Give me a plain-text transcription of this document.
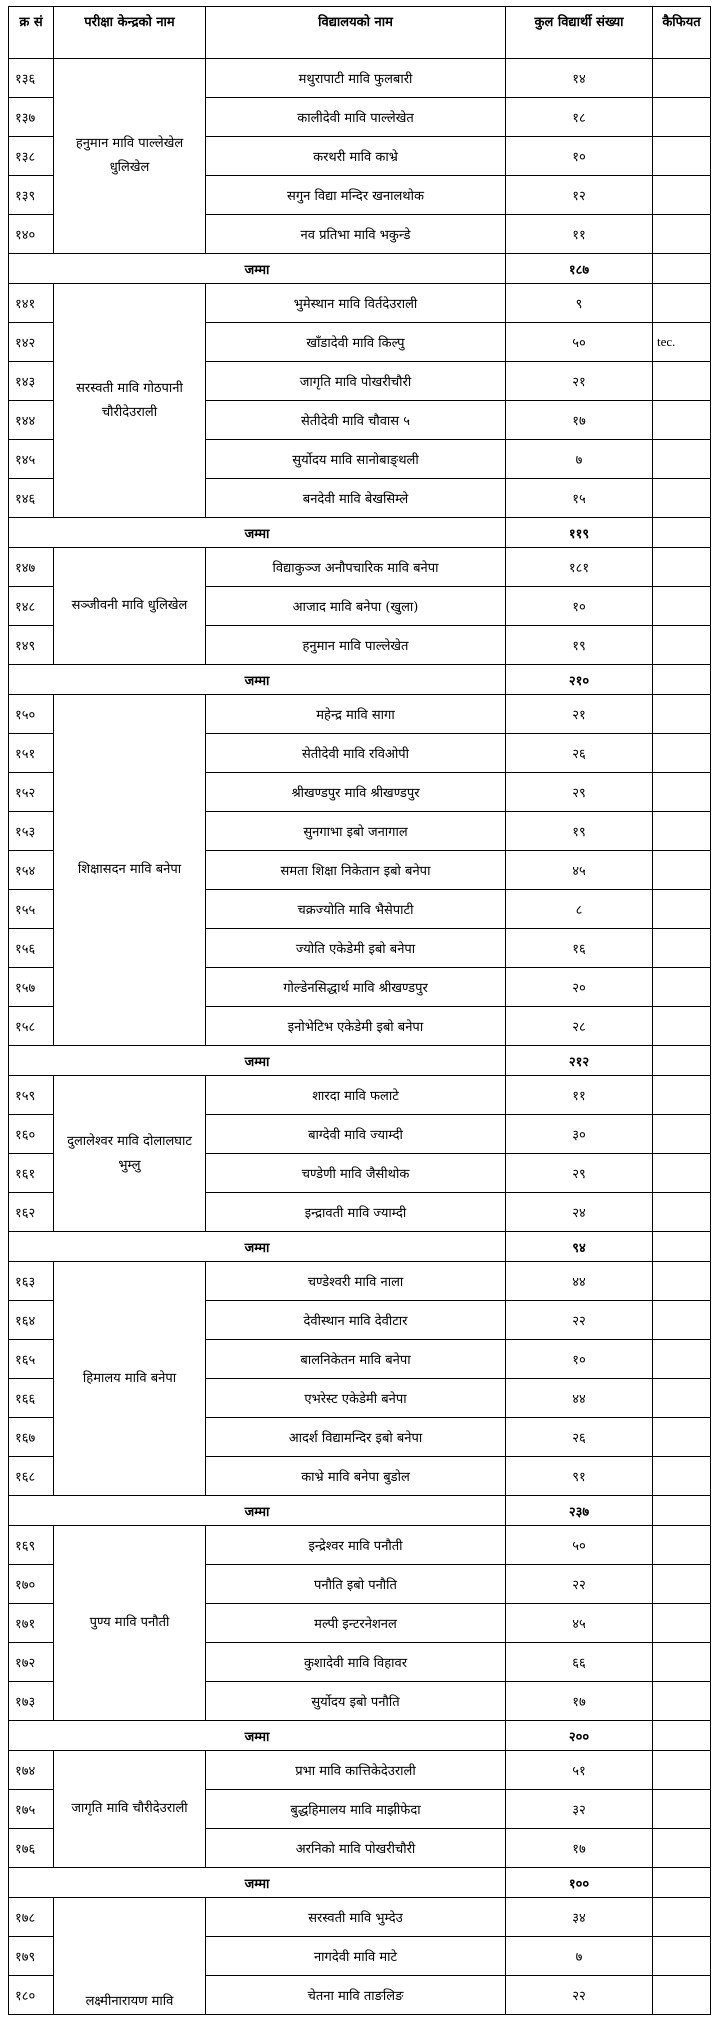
क्र सं	परीक्षा केन्द्रको नाम	विद्यालयको नाम	कुल विद्यार्थी संख्या	कैफियत
१३६	हनुमान मावि पाल्लेखेल धुलिखेल	मथुरापाटी मावि फुलबारी	१४	
१३७		कालीदेवी मावि पाल्लेखेत	१८	
१३८		करथरी मावि काभ्रे	१०	
१३९		सगुन विद्या मन्दिर खनालथोक	१२	
१४०		नव प्रतिभा मावि भकुन्डे	११	
जम्मा			१८७	
१४१	सरस्वती मावि गोठपानी चौरीदेउराली	भुमेस्थान मावि विर्तदेउराली	९	
१४२		खाँडादेवी मावि किल्पु	५०	tec.
१४३		जागृति मावि पोखरीचौरी	२१	
१४४		सेतीदेवी मावि चौवास ५	१७	
१४५		सुर्योदय मावि सानोबाङ्थली	७	
१४६		बनदेवी मावि बेखसिम्ले	१५	
जम्मा			११९	
१४७	सञ्जीवनी मावि धुलिखेल	विद्याकुञ्ज अनौपचारिक मावि बनेपा	१८१	
१४८		आजाद मावि बनेपा (खुला)	१०	
१४९		हनुमान मावि पाल्लेखेत	१९	
जम्मा			२१०	
१५०	शिक्षासदन मावि बनेपा	महेन्द्र मावि सागा	२१	
१५१		सेतीदेवी मावि रविओपी	२६	
१५२		श्रीखण्डपुर मावि श्रीखण्डपुर	२९	
१५३		सुनगाभा इबो जनागाल	१९	
१५४		समता शिक्षा निकेतान इबो बनेपा	४५	
१५५		चक्रज्योति मावि भैसेपाटी	८	
१५६		ज्योति एकेडेमी इबो बनेपा	१६	
१५७		गोल्डेनसिद्धार्थ मावि श्रीखण्डपुर	२०	
१५८		इनोभेटिभ एकेडेमी इबो बनेपा	२८	
जम्मा			२१२	
१५९	दुलालेश्वर मावि दोलालघाट भुम्लु	शारदा मावि फलाटे	११	
१६०		बाग्देवी मावि ज्याम्दी	३०	
१६१		चण्डेणी मावि जैसीथोक	२९	
१६२		इन्द्रावती मावि ज्याम्दी	२४	
जम्मा			९४	
१६३	हिमालय मावि बनेपा	चण्डेश्वरी मावि नाला	४४	
१६४		देवीस्थान मावि देवीटार	२२	
१६५		बालनिकेतन मावि बनेपा	१०	
१६६		एभरेस्ट एकेडेमी बनेपा	४४	
१६७		आदर्श विद्यामन्दिर इबो बनेपा	२६	
१६८		काभ्रे मावि बनेपा बुडोल	९१	
जम्मा			२३७	
१६९	पुण्य मावि पनौती	इन्द्रेश्वर मावि पनौती	५०	
१७०		पनौति इबो पनौति	२२	
१७१		मल्पी इन्टरनेशनल	४५	
१७२		कुशादेवी मावि विहावर	६६	
१७३		सुर्योदय इबो पनौति	१७	
जम्मा			२००	
१७४	जागृति मावि चौरीदेउराली	प्रभा मावि कात्तिकेदेउराली	५१	
१७५		बुद्धहिमालय मावि माझीफेदा	३२	
१७६		अरनिको मावि पोखरीचौरी	१७	
जम्मा			१००	
१७८	लक्ष्मीनारायण मावि	सरस्वती मावि भुम्देउ	३४	
१७९		नागदेवी मावि माटे	७	
१८०		चेतना मावि ताङलिङ	२२	
